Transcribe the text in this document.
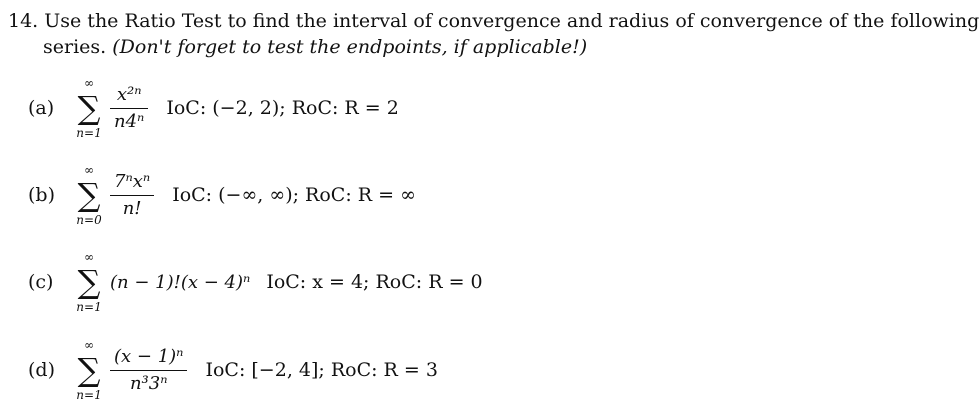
14. Use the Ratio Test to find the interval of convergence and radius of convergence of the following
series. (Don't forget to test the endpoints, if applicable!)
(a)
∞
∑
n=1
$\frac{\text{x²ⁿ}}{\text{n4ⁿ}}$ IoC: (−2, 2); RoC: R = 2
(b)
∞
∑
n=0
$\frac{\text{7ⁿxⁿ}}{n!}$ IoC: (−∞, ∞); RoC: R = ∞
(c)
∞
∑
n=1
(n − 1)!(x − 4)ⁿ IoC: x = 4; RoC: R = 0
(d)
∞
∑
n=1
$\frac{\text{(x − 1)ⁿ}}{\text{n³3ⁿ}}$ IoC: [−2, 4]; RoC: R = 3
